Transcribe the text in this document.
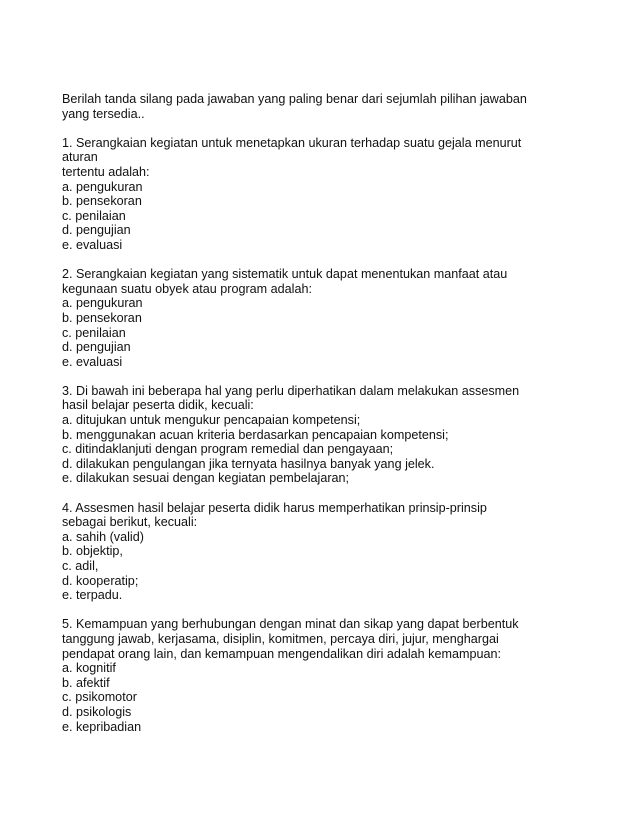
Berilah tanda silang pada jawaban yang paling benar dari sejumlah pilihan jawaban
yang tersedia..
1. Serangkaian kegiatan untuk menetapkan ukuran terhadap suatu gejala menurut
aturan
tertentu adalah:
a. pengukuran
b. pensekoran
c. penilaian
d. pengujian
e. evaluasi
2. Serangkaian kegiatan yang sistematik untuk dapat menentukan manfaat atau
kegunaan suatu obyek atau program adalah:
a. pengukuran
b. pensekoran
c. penilaian
d. pengujian
e. evaluasi
3. Di bawah ini beberapa hal yang perlu diperhatikan dalam melakukan assesmen
hasil belajar peserta didik, kecuali:
a. ditujukan untuk mengukur pencapaian kompetensi;
b. menggunakan acuan kriteria berdasarkan pencapaian kompetensi;
c. ditindaklanjuti dengan program remedial dan pengayaan;
d. dilakukan pengulangan jika ternyata hasilnya banyak yang jelek.
e. dilakukan sesuai dengan kegiatan pembelajaran;
4. Assesmen hasil belajar peserta didik harus memperhatikan prinsip-prinsip
sebagai berikut, kecuali:
a. sahih (valid)
b. objektip,
c. adil,
d. kooperatip;
e. terpadu.
5. Kemampuan yang berhubungan dengan minat dan sikap yang dapat berbentuk
tanggung jawab, kerjasama, disiplin, komitmen, percaya diri, jujur, menghargai
pendapat orang lain, dan kemampuan mengendalikan diri adalah kemampuan:
a. kognitif
b. afektif
c. psikomotor
d. psikologis
e. kepribadian
